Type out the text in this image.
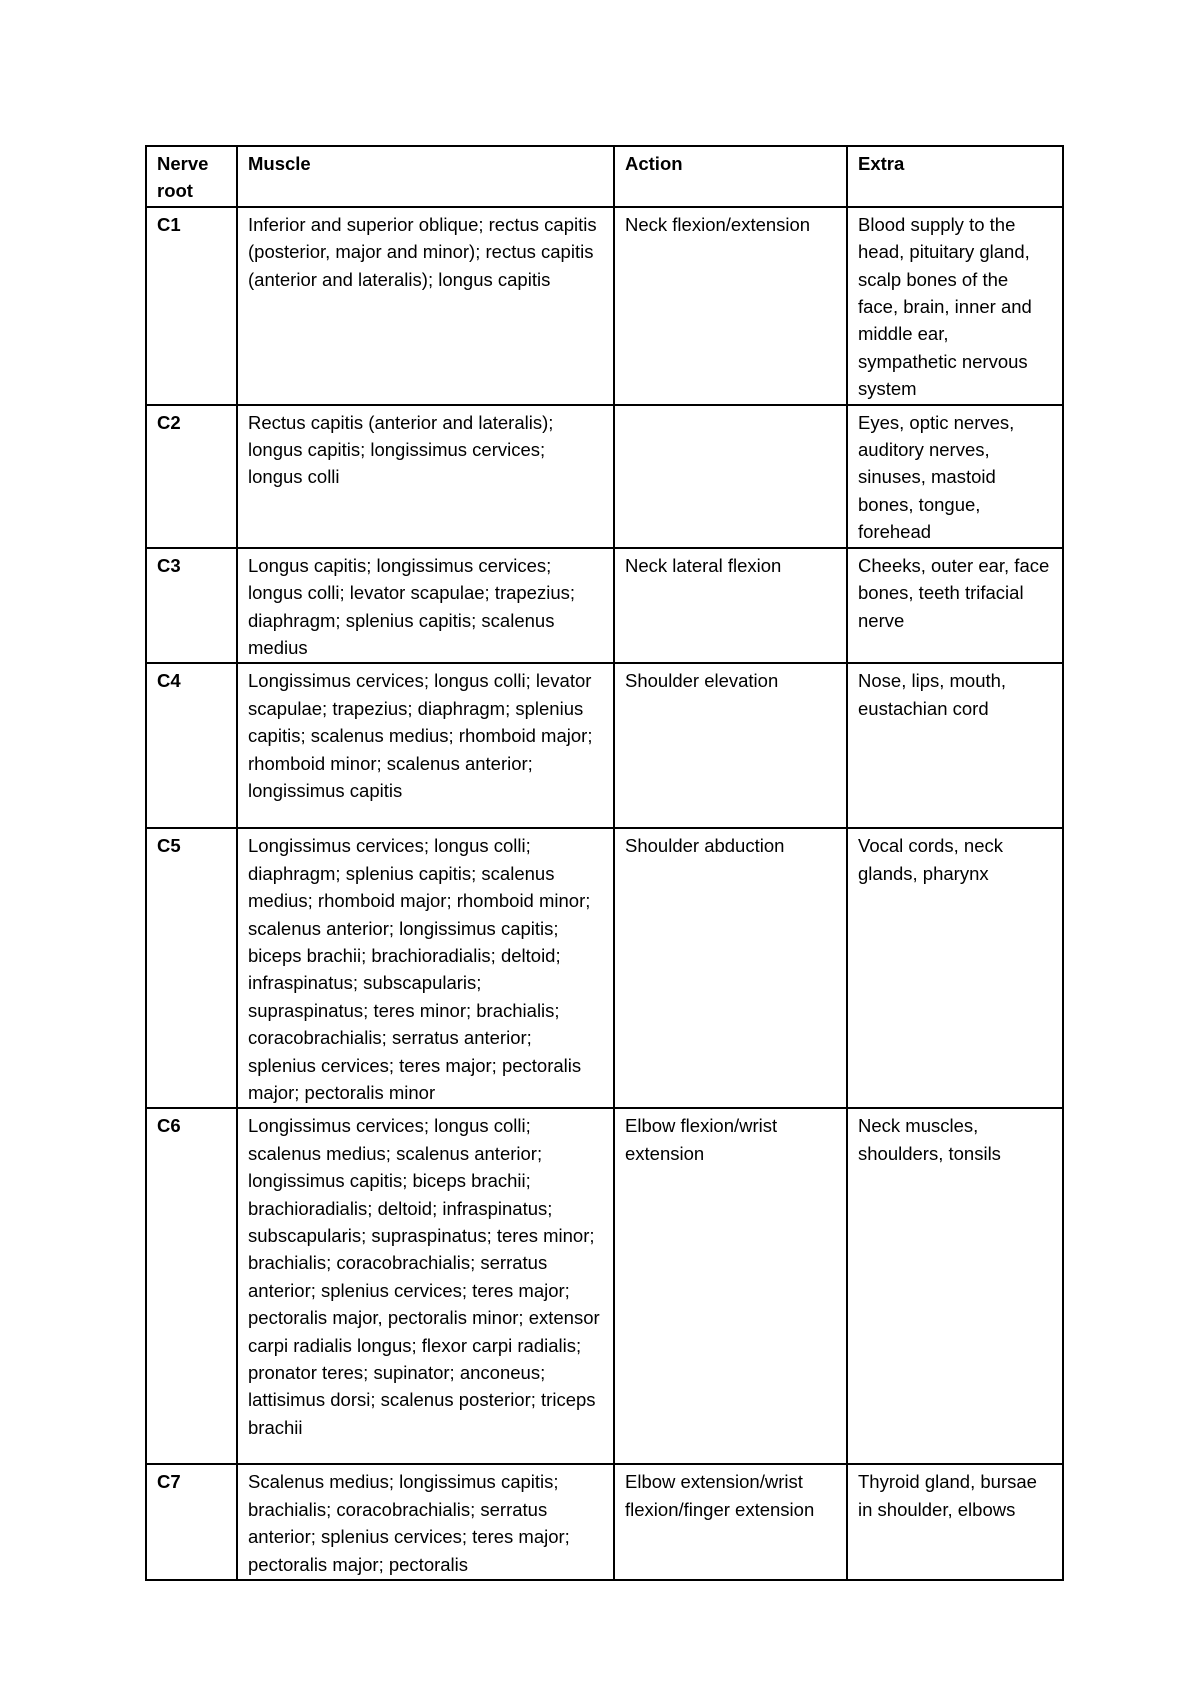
Nerve root	Muscle	Action	Extra
C1	Inferior and superior oblique; rectus capitis (posterior, major and minor); rectus capitis (anterior and lateralis); longus capitis	Neck flexion/extension	Blood supply to the head, pituitary gland, scalp bones of the face, brain, inner and middle ear, sympathetic nervous system
C2	Rectus capitis (anterior and lateralis); longus capitis; longissimus cervices; longus colli		Eyes, optic nerves, auditory nerves, sinuses, mastoid bones, tongue, forehead
C3	Longus capitis; longissimus cervices; longus colli; levator scapulae; trapezius; diaphragm; splenius capitis; scalenus medius	Neck lateral flexion	Cheeks, outer ear, face bones, teeth trifacial nerve
C4	Longissimus cervices; longus colli; levator scapulae; trapezius; diaphragm; splenius capitis; scalenus medius; rhomboid major; rhomboid minor; scalenus anterior; longissimus capitis	Shoulder elevation	Nose, lips, mouth, eustachian cord
C5	Longissimus cervices; longus colli; diaphragm; splenius capitis; scalenus medius; rhomboid major; rhomboid minor; scalenus anterior; longissimus capitis; biceps brachii; brachioradialis; deltoid; infraspinatus; subscapularis; supraspinatus; teres minor; brachialis; coracobrachialis; serratus anterior; splenius cervices; teres major; pectoralis major; pectoralis minor	Shoulder abduction	Vocal cords, neck glands, pharynx
C6	Longissimus cervices; longus colli; scalenus medius; scalenus anterior; longissimus capitis; biceps brachii; brachioradialis; deltoid; infraspinatus; subscapularis; supraspinatus; teres minor; brachialis; coracobrachialis; serratus anterior; splenius cervices; teres major; pectoralis major, pectoralis minor; extensor carpi radialis longus; flexor carpi radialis; pronator teres; supinator; anconeus; lattisimus dorsi; scalenus posterior; triceps brachii	Elbow flexion/wrist extension	Neck muscles, shoulders, tonsils
C7	Scalenus medius; longissimus capitis; brachialis; coracobrachialis; serratus anterior; splenius cervices; teres major; pectoralis major; pectoralis	Elbow extension/wrist flexion/finger extension	Thyroid gland, bursae in shoulder, elbows
